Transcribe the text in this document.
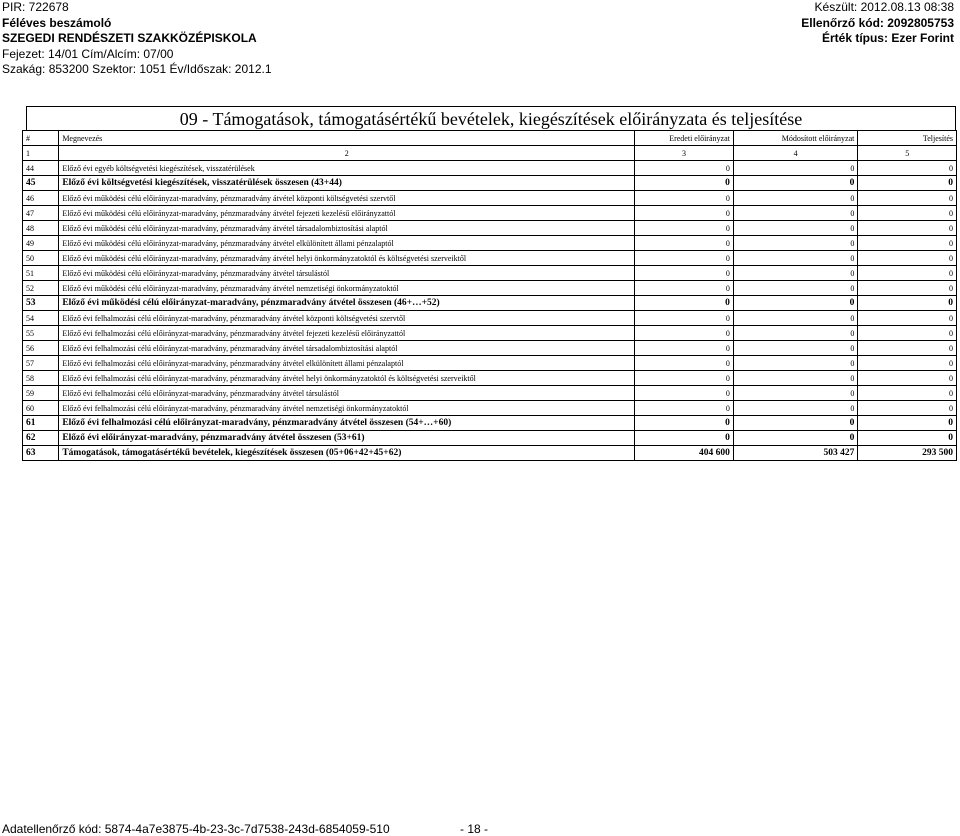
PIR: 722678
Féléves beszámoló
SZEGEDI RENDÉSZETI SZAKKÖZÉPISKOLA
Fejezet: 14/01 Cím/Alcím: 07/00
Szakág: 853200 Szektor: 1051 Év/Időszak: 2012.1
Készült: 2012.08.13 08:38
Ellenőrző kód: 2092805753
Érték típus: Ezer Forint
09 - Támogatások, támogatásértékű bevételek, kiegészítések előirányzata és teljesítése
#	Megnevezés	Eredeti előirányzat	Módosított előirányzat	Teljesítés
1	2	3	4	5
44	Előző évi egyéb költségvetési kiegészítések, visszatérülések	0	0	0
45	Előző évi költségvetési kiegészítések, visszatérülések összesen (43+44)	0	0	0
46	Előző évi működési célú előirányzat-maradvány, pénzmaradvány átvétel központi költségvetési szervtől	0	0	0
47	Előző évi működési célú előirányzat-maradvány, pénzmaradvány átvétel fejezeti kezelésű előirányzattól	0	0	0
48	Előző évi működési célú előirányzat-maradvány, pénzmaradvány átvétel társadalombiztosítási alaptól	0	0	0
49	Előző évi működési célú előirányzat-maradvány, pénzmaradvány átvétel elkülönített állami pénzalaptól	0	0	0
50	Előző évi működési célú előirányzat-maradvány, pénzmaradvány átvétel helyi önkormányzatoktól és költségvetési szerveiktől	0	0	0
51	Előző évi működési célú előirányzat-maradvány, pénzmaradvány átvétel társulástól	0	0	0
52	Előző évi működési célú előirányzat-maradvány, pénzmaradvány átvétel nemzetiségi önkormányzatoktól	0	0	0
53	Előző évi működési célú előirányzat-maradvány, pénzmaradvány átvétel összesen (46+…+52)	0	0	0
54	Előző évi felhalmozási célú előirányzat-maradvány, pénzmaradvány átvétel központi költségvetési szervtől	0	0	0
55	Előző évi felhalmozási célú előirányzat-maradvány, pénzmaradvány átvétel fejezeti kezelésű előirányzattól	0	0	0
56	Előző évi felhalmozási célú előirányzat-maradvány, pénzmaradvány átvétel társadalombiztosítási alaptól	0	0	0
57	Előző évi felhalmozási célú előirányzat-maradvány, pénzmaradvány átvétel elkülönített állami pénzalaptól	0	0	0
58	Előző évi felhalmozási célú előirányzat-maradvány, pénzmaradvány átvétel helyi önkormányzatoktól és költségvetési szerveiktől	0	0	0
59	Előző évi felhalmozási célú előirányzat-maradvány, pénzmaradvány átvétel társulástól	0	0	0
60	Előző évi felhalmozási célú előirányzat-maradvány, pénzmaradvány átvétel nemzetiségi önkormányzatoktól	0	0	0
61	Előző évi felhalmozási célú előirányzat-maradvány, pénzmaradvány átvétel összesen (54+…+60)	0	0	0
62	Előző évi előirányzat-maradvány, pénzmaradvány átvétel összesen (53+61)	0	0	0
63	Támogatások, támogatásértékű bevételek, kiegészítések összesen (05+06+42+45+62)	404 600	503 427	293 500
Adatellenőrző kód: 5874-4a7e3875-4b-23-3c-7d7538-243d-6854059-510	- 18 -
